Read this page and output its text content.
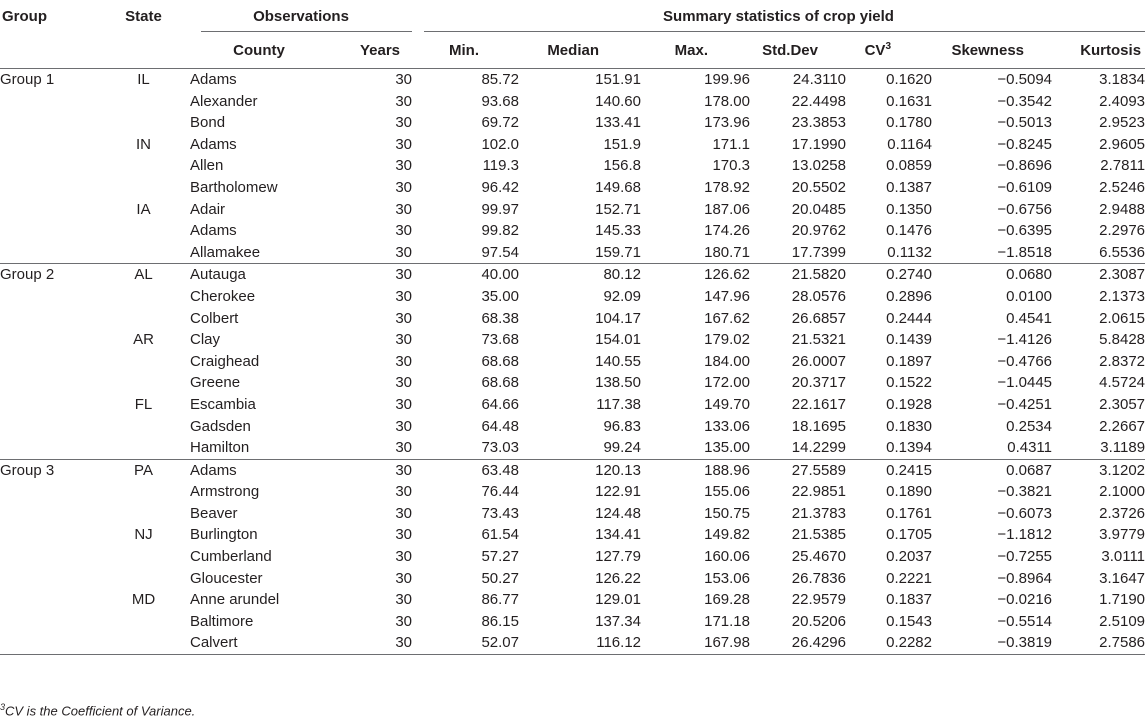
Group	State	Observations		Summary statistics of crop yield						

		County	Years	Min.	Median	Max.	Std.Dev	$CV^3$	Skewness	Kurtosis
Group 1	IL	Adams	30	85.72	151.91	199.96	24.3110	0.1620	−0.5094	3.1834
		Alexander	30	93.68	140.60	178.00	22.4498	0.1631	−0.3542	2.4093
		Bond	30	69.72	133.41	173.96	23.3853	0.1780	−0.5013	2.9523
	IN	Adams	30	102.0	151.9	171.1	17.1990	0.1164	−0.8245	2.9605
		Allen	30	119.3	156.8	170.3	13.0258	0.0859	−0.8696	2.7811
		Bartholomew	30	96.42	149.68	178.92	20.5502	0.1387	−0.6109	2.5246
	IA	Adair	30	99.97	152.71	187.06	20.0485	0.1350	−0.6756	2.9488
		Adams	30	99.82	145.33	174.26	20.9762	0.1476	−0.6395	2.2976
		Allamakee	30	97.54	159.71	180.71	17.7399	0.1132	−1.8518	6.5536
Group 2	AL	Autauga	30	40.00	80.12	126.62	21.5820	0.2740	0.0680	2.3087
		Cherokee	30	35.00	92.09	147.96	28.0576	0.2896	0.0100	2.1373
		Colbert	30	68.38	104.17	167.62	26.6857	0.2444	0.4541	2.0615
	AR	Clay	30	73.68	154.01	179.02	21.5321	0.1439	−1.4126	5.8428
		Craighead	30	68.68	140.55	184.00	26.0007	0.1897	−0.4766	2.8372
		Greene	30	68.68	138.50	172.00	20.3717	0.1522	−1.0445	4.5724
	FL	Escambia	30	64.66	117.38	149.70	22.1617	0.1928	−0.4251	2.3057
		Gadsden	30	64.48	96.83	133.06	18.1695	0.1830	0.2534	2.2667
		Hamilton	30	73.03	99.24	135.00	14.2299	0.1394	0.4311	3.1189
Group 3	PA	Adams	30	63.48	120.13	188.96	27.5589	0.2415	0.0687	3.1202
		Armstrong	30	76.44	122.91	155.06	22.9851	0.1890	−0.3821	2.1000
		Beaver	30	73.43	124.48	150.75	21.3783	0.1761	−0.6073	2.3726
	NJ	Burlington	30	61.54	134.41	149.82	21.5385	0.1705	−1.1812	3.9779
		Cumberland	30	57.27	127.79	160.06	25.4670	0.2037	−0.7255	3.0111
		Gloucester	30	50.27	126.22	153.06	26.7836	0.2221	−0.8964	3.1647
	MD	Anne arundel	30	86.77	129.01	169.28	22.9579	0.1837	−0.0216	1.7190
		Baltimore	30	86.15	137.34	171.18	20.5206	0.1543	−0.5514	2.5109
		Calvert	30	52.07	116.12	167.98	26.4296	0.2282	−0.3819	2.7586
$^3$CV is the Coefficient of Variance.
